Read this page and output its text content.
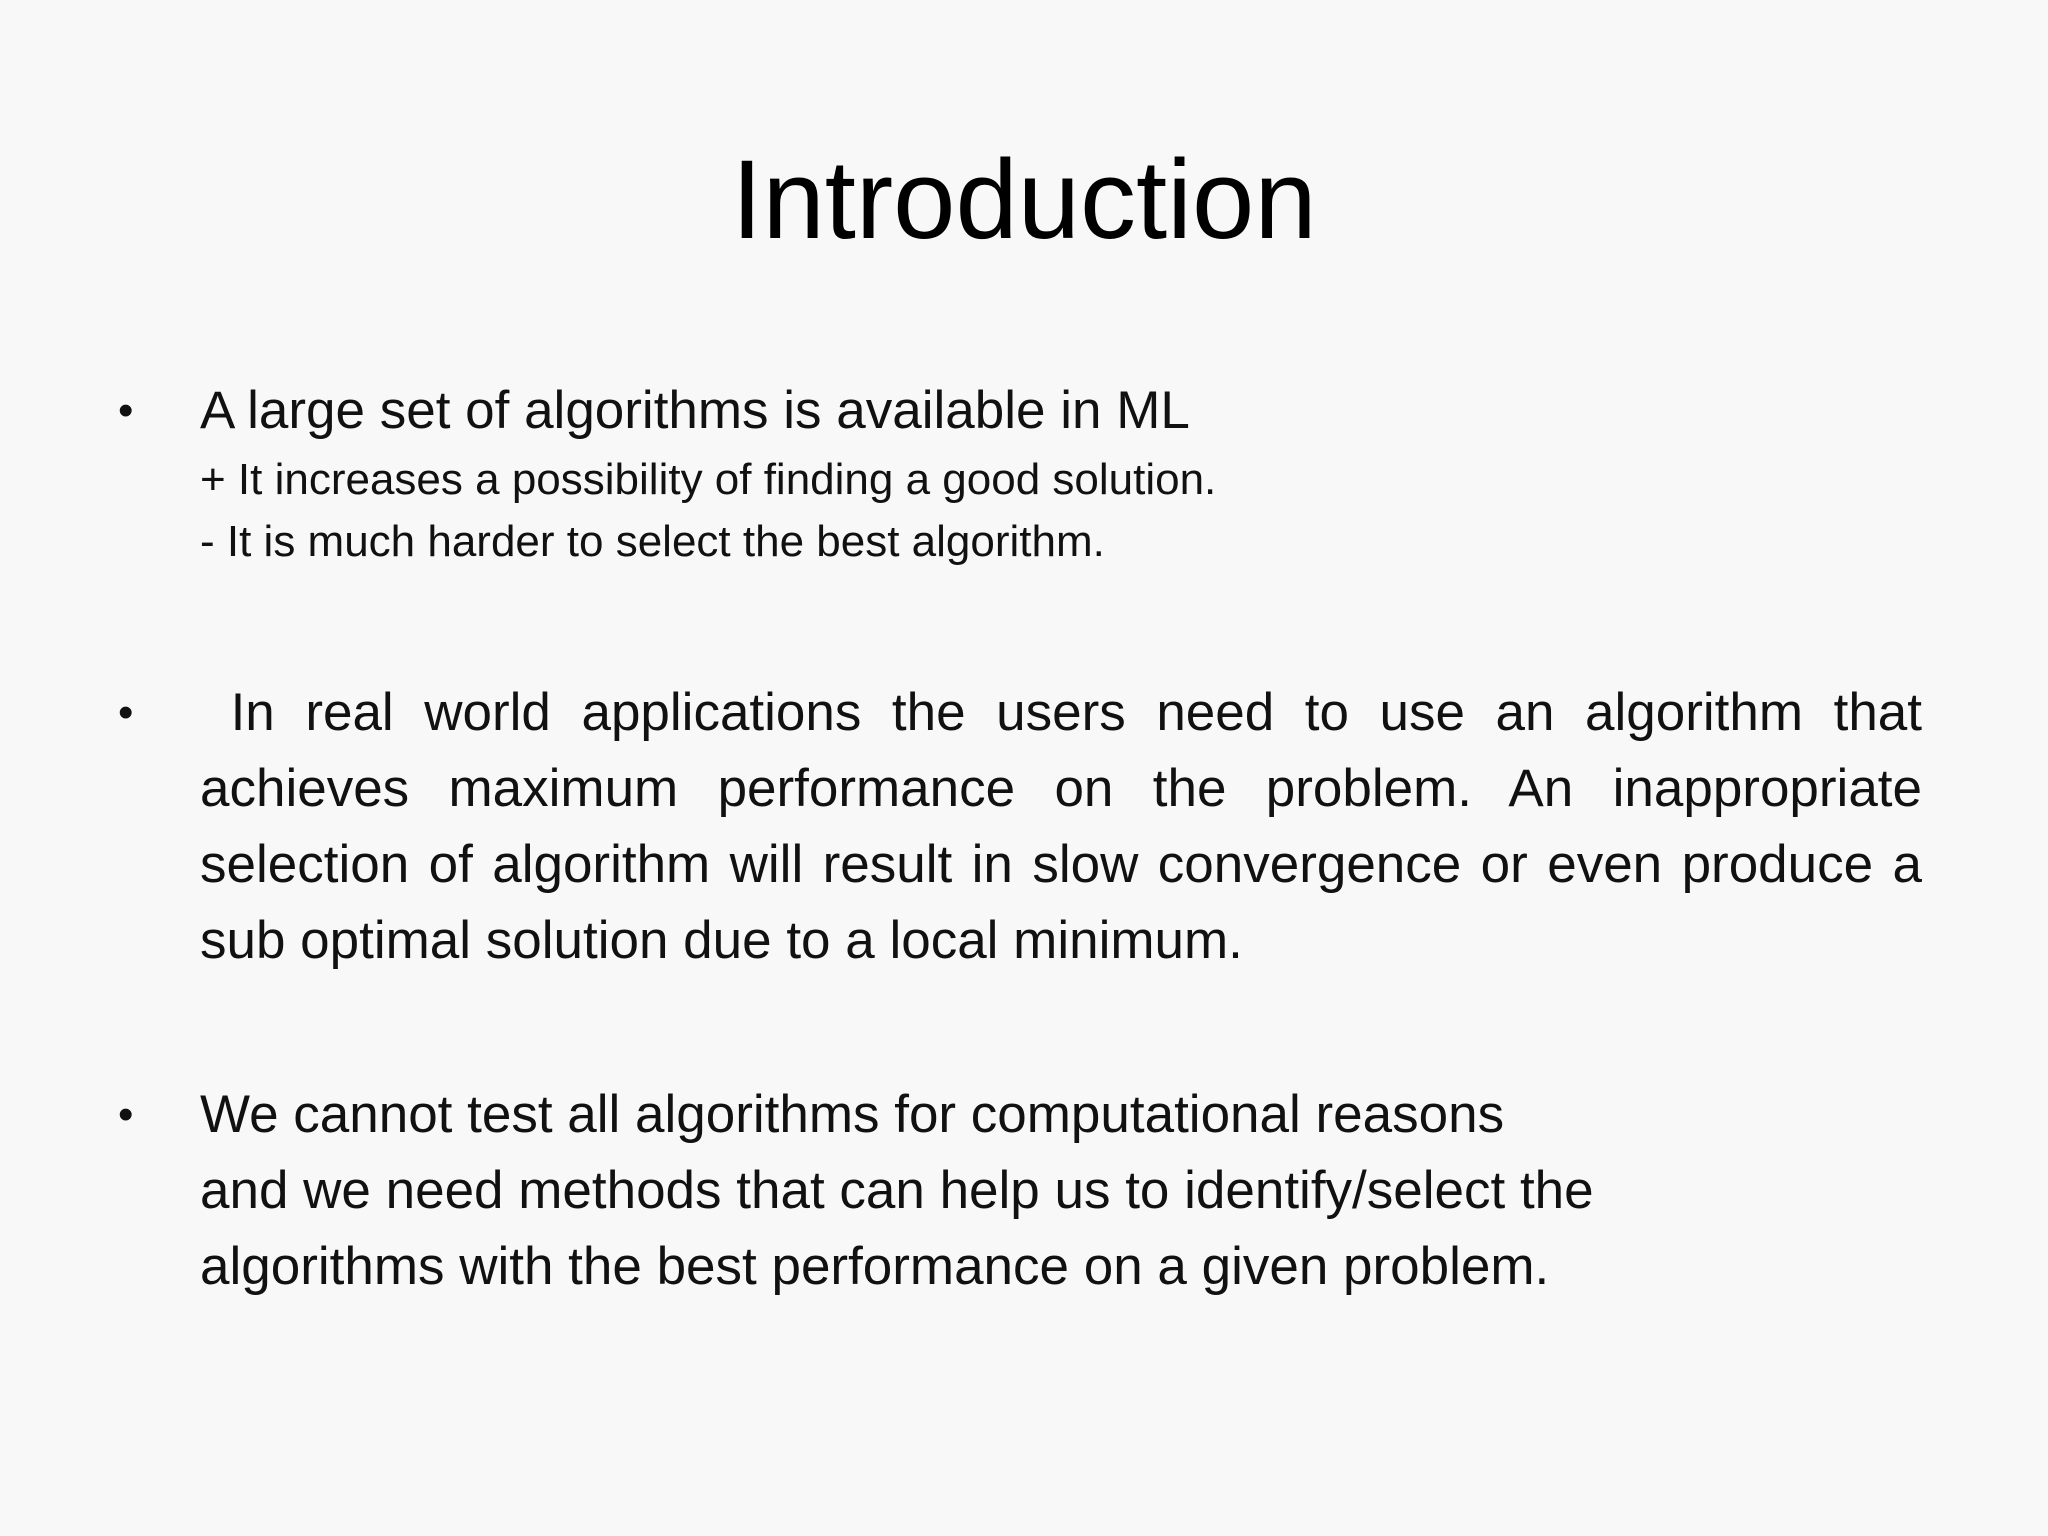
Introduction
• A large set of algorithms is available in ML

+ It increases a possibility of finding a good solution.

- It is much harder to select the best algorithm.

• In real world applications the users need to use an algorithm that achieves maximum performance on the problem. An inappropriate selection of algorithm will result in slow convergence or even produce a sub optimal solution due to a local minimum.

• We cannot test all algorithms for computational reasons

and we need methods that can help us to identify/select the

algorithms with the best performance on a given problem.
